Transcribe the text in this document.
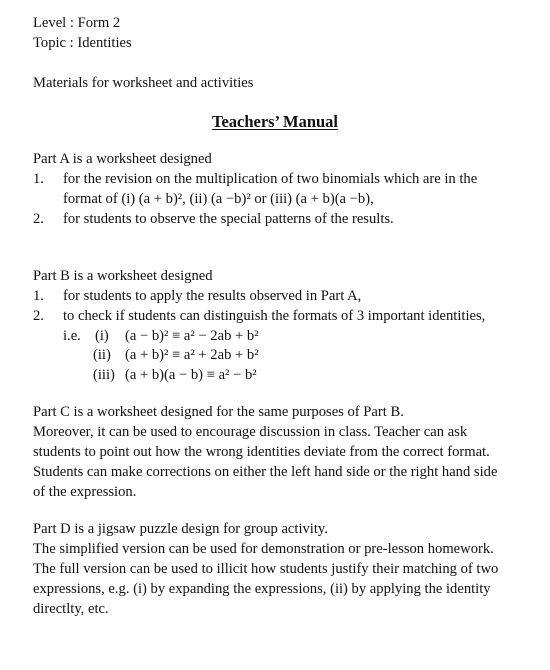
Level : Form 2
Topic : Identities
Materials for worksheet and activities
Teachers’ Manual
Part A is a worksheet designed
1. for the revision on the multiplication of two binomials which are in the
format of (i) (a + b)², (ii) (a −b)² or (iii) (a + b)(a −b),
2. for students to observe the special patterns of the results.
Part B is a worksheet designed
1. for students to apply the results observed in Part A,
2. to check if students can distinguish the formats of 3 important identities,
i.e. (i) (a − b)² ≡ a² − 2ab + b²
(ii) (a + b)² ≡ a² + 2ab + b²
(iii) (a + b)(a − b) ≡ a² − b²
Part C is a worksheet designed for the same purposes of Part B.
Moreover, it can be used to encourage discussion in class. Teacher can ask
students to point out how the wrong identities deviate from the correct format.
Students can make corrections on either the left hand side or the right hand side
of the expression.
Part D is a jigsaw puzzle design for group activity.
The simplified version can be used for demonstration or pre-lesson homework.
The full version can be used to illicit how students justify their matching of two
expressions, e.g. (i) by expanding the expressions, (ii) by applying the identity
directlty, etc.
